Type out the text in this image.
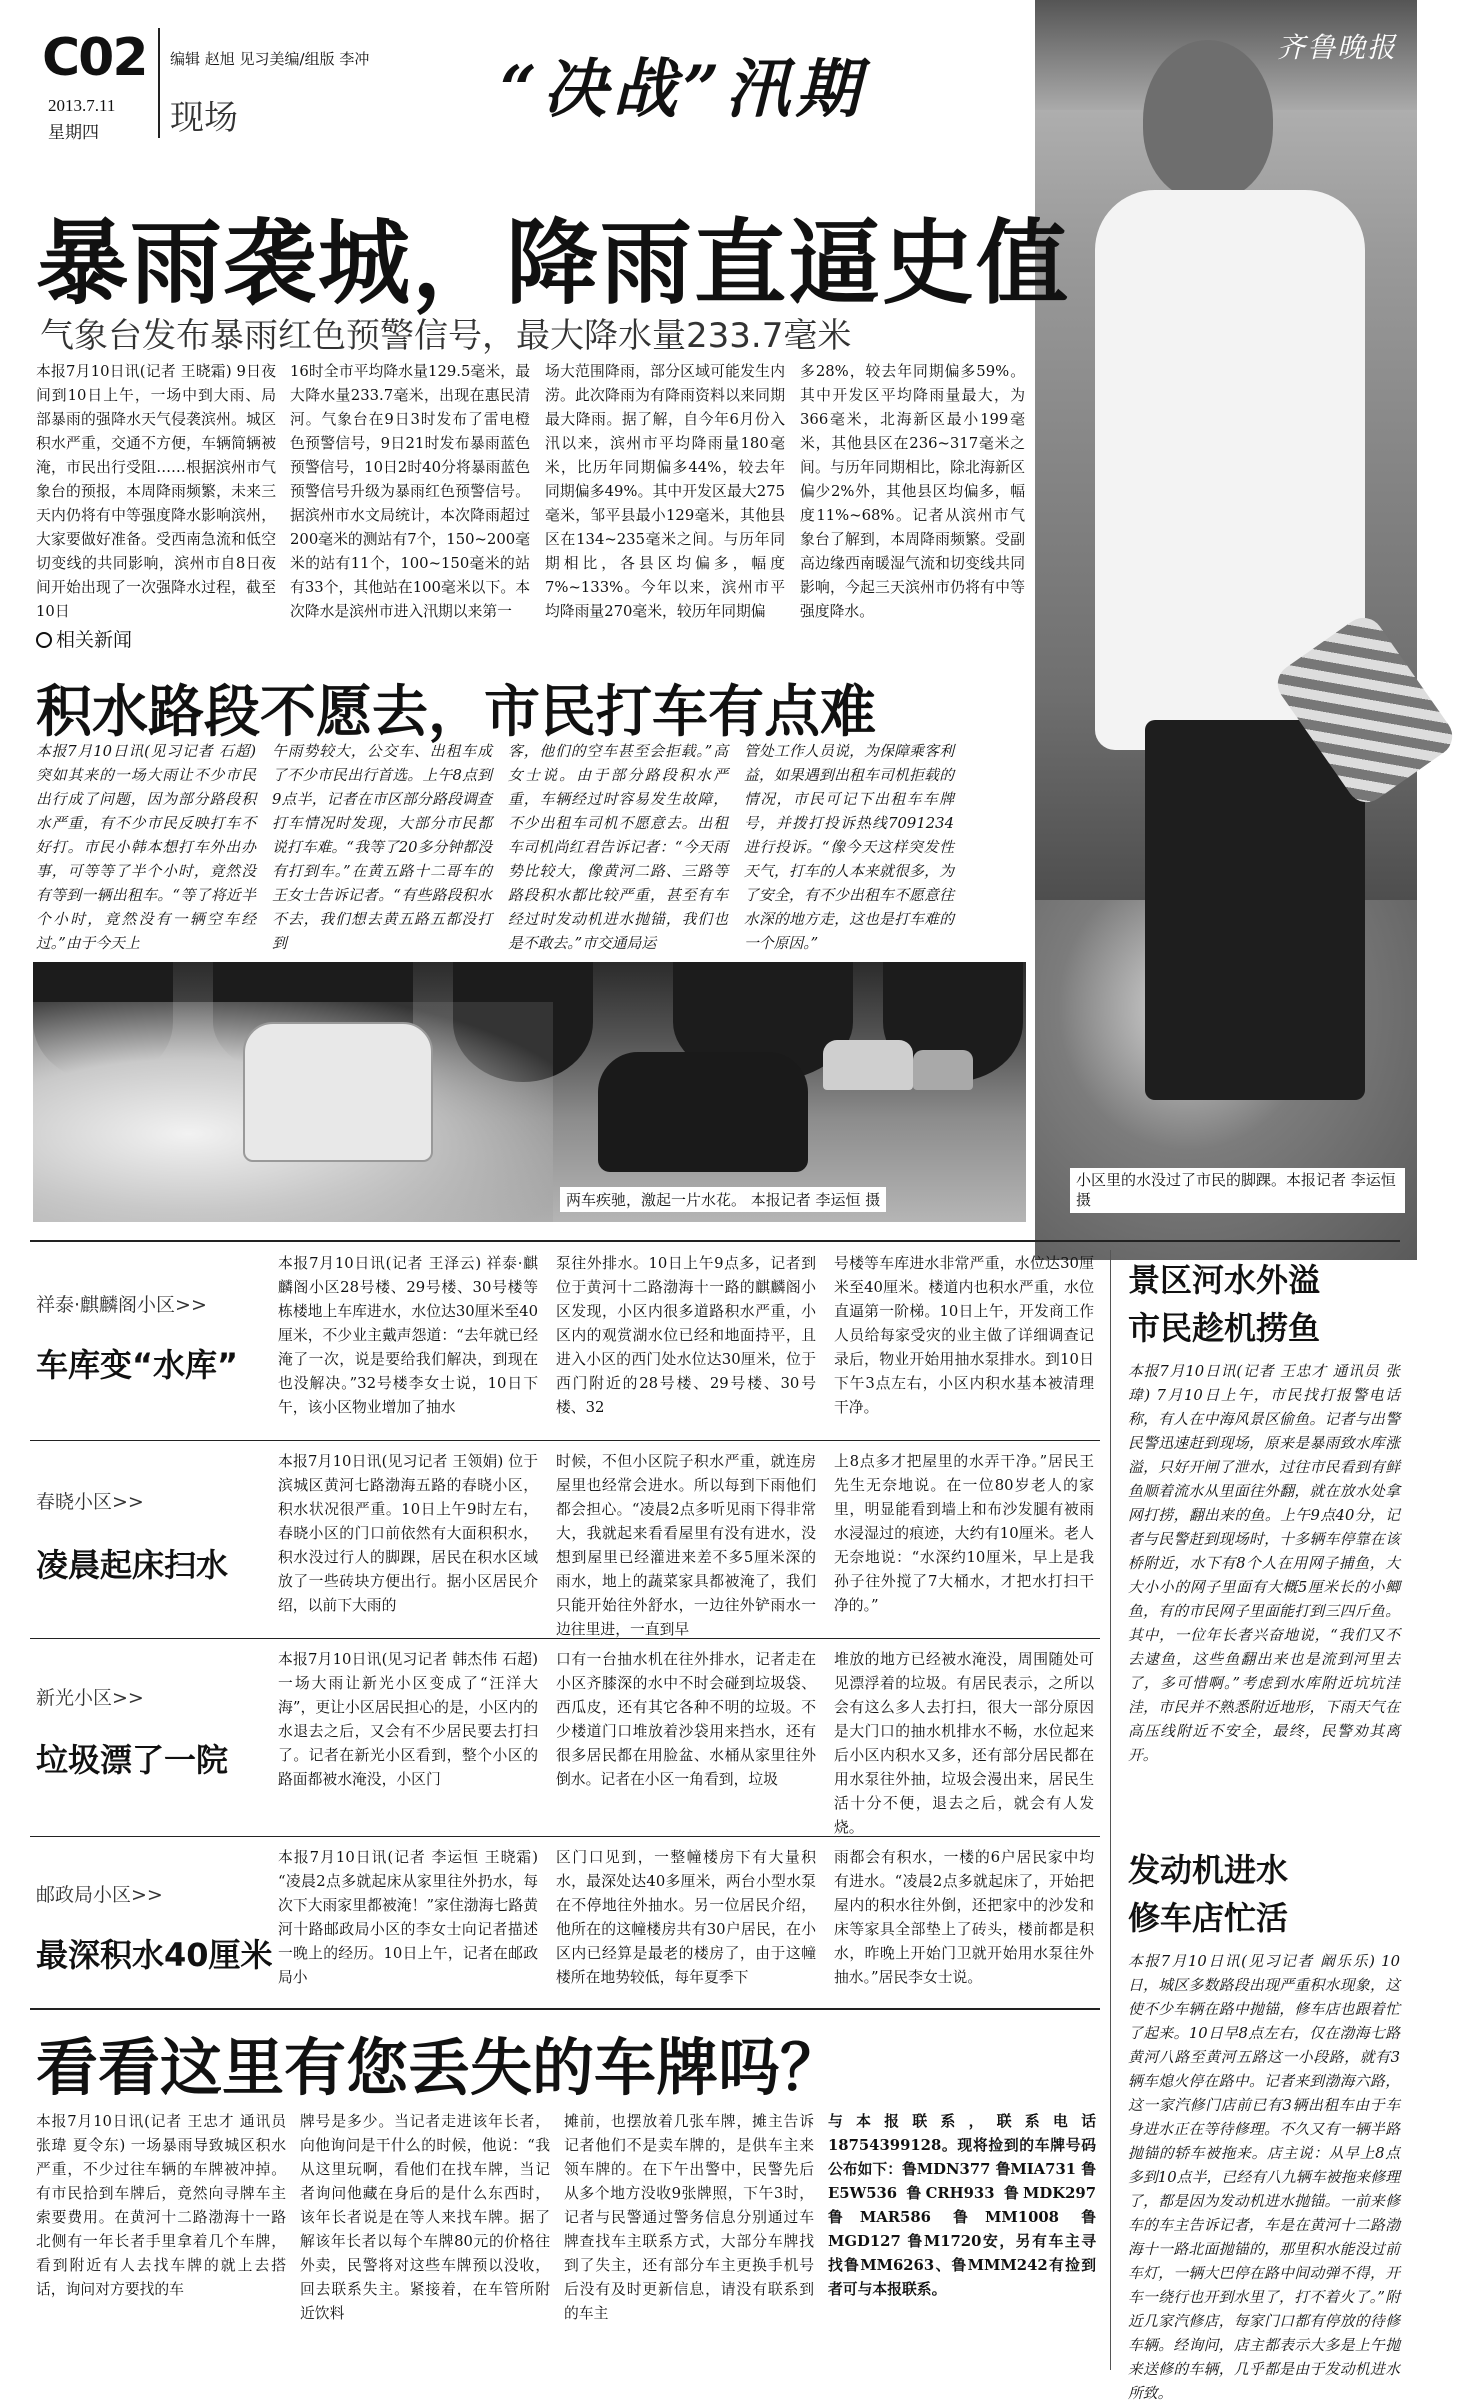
C02
2013.7.11
星期四
编辑 赵旭 见习美编/组版 李冲
现场	“决战”汛期
齐鲁晚报
小区里的水没过了市民的脚踝。本报记者 李运恒 摄
暴雨袭城，降雨直逼史值
气象台发布暴雨红色预警信号，最大降水量233.7毫米
本报7月10日讯(记者 王晓霜) 9日夜间到10日上午，一场中到大雨、局部暴雨的强降水天气侵袭滨州。城区积水严重，交通不方便，车辆简辆被淹，市民出行受阻……根据滨州市气象台的预报，本周降雨频繁，未来三天内仍将有中等强度降水影响滨州，大家要做好准备。受西南急流和低空切变线的共同影响，滨州市自8日夜间开始出现了一次强降水过程，截至10日
16时全市平均降水量129.5毫米，最大降水量233.7毫米，出现在惠民清河。气象台在9日3时发布了雷电橙色预警信号，9日21时发布暴雨蓝色预警信号，10日2时40分将暴雨蓝色预警信号升级为暴雨红色预警信号。据滨州市水文局统计，本次降雨超过200毫米的测站有7个，150~200毫米的站有11个，100~150毫米的站有33个，其他站在100毫米以下。本次降水是滨州市进入汛期以来第一
场大范围降雨，部分区域可能发生内涝。此次降雨为有降雨资料以来同期最大降雨。据了解，自今年6月份入汛以来，滨州市平均降雨量180毫米，比历年同期偏多44%，较去年同期偏多49%。其中开发区最大275毫米，邹平县最小129毫米，其他县区在134~235毫米之间。与历年同期相比，各县区均偏多，幅度7%~133%。今年以来，滨州市平均降雨量270毫米，较历年同期偏
多28%，较去年同期偏多59%。其中开发区平均降雨量最大，为366毫米，北海新区最小199毫米，其他县区在236~317毫米之间。与历年同期相比，除北海新区偏少2%外，其他县区均偏多，幅度11%~68%。记者从滨州市气象台了解到，本周降雨频繁。受副高边缘西南暖湿气流和切变线共同影响，今起三天滨州市仍将有中等强度降水。
相关新闻
积水路段不愿去，市民打车有点难
本报7月10日讯(见习记者 石超) 突如其来的一场大雨让不少市民出行成了问题，因为部分路段积水严重，有不少市民反映打车不好打。市民小韩本想打车外出办事，可等等了半个小时，竟然没有等到一辆出租车。“等了将近半个小时，竟然没有一辆空车经过。”由于今天上
午雨势较大，公交车、出租车成了不少市民出行首选。上午8点到9点半，记者在市区部分路段调查打车情况时发现，大部分市民都说打车难。“我等了20多分钟都没有打到车。”在黄五路十二哥车的王女士告诉记者。“有些路段积水不去，我们想去黄五路五都没打到
客，他们的空车甚至会拒载。”高女士说。由于部分路段积水严重，车辆经过时容易发生故障，不少出租车司机不愿意去。出租车司机尚红君告诉记者：“今天雨势比较大，像黄河二路、三路等路段积水都比较严重，甚至有车经过时发动机进水抛锚，我们也是不敢去。”市交通局运
管处工作人员说，为保障乘客利益，如果遇到出租车司机拒载的情况，市民可记下出租车车牌号，并拨打投诉热线7091234进行投诉。“像今天这样突发性天气，打车的人本来就很多，为了安全，有不少出租车不愿意往水深的地方走，这也是打车难的一个原因。”
两车疾驰，激起一片水花。 本报记者 李运恒 摄
祥泰·麒麟阁小区>>
车库变“水库”
本报7月10日讯(记者 王泽云) 祥泰·麒麟阁小区28号楼、29号楼、30号楼等栋楼地上车库进水，水位达30厘米至40厘米，不少业主戴声怨道：“去年就已经淹了一次，说是要给我们解决，到现在也没解决。”32号楼李女士说，10日下午，该小区物业增加了抽水
泵往外排水。10日上午9点多，记者到位于黄河十二路渤海十一路的麒麟阁小区发现，小区内很多道路积水严重，小区内的观赏湖水位已经和地面持平，且进入小区的西门处水位达30厘米，位于西门附近的28号楼、29号楼、30号楼、32
号楼等车库进水非常严重，水位达30厘米至40厘米。楼道内也积水严重，水位直逼第一阶梯。10日上午，开发商工作人员给每家受灾的业主做了详细调查记录后，物业开始用抽水泵排水。到10日下午3点左右，小区内积水基本被清理干净。
春晓小区>>
凌晨起床扫水
本报7月10日讯(见习记者 王领娟) 位于滨城区黄河七路渤海五路的春晓小区，积水状况很严重。10日上午9时左右，春晓小区的门口前依然有大面积积水，积水没过行人的脚踝，居民在积水区域放了一些砖块方便出行。据小区居民介绍，以前下大雨的
时候，不但小区院子积水严重，就连房屋里也经常会进水。所以每到下雨他们都会担心。“凌晨2点多听见雨下得非常大，我就起来看看屋里有没有进水，没想到屋里已经灌进来差不多5厘米深的雨水，地上的蔬菜家具都被淹了，我们只能开始往外舒水，一边往外铲雨水一边往里进，一直到早
上8点多才把屋里的水弄干净。”居民王先生无奈地说。在一位80岁老人的家里，明显能看到墙上和布沙发腿有被雨水浸湿过的痕迹，大约有10厘米。老人无奈地说：“水深约10厘米，早上是我孙子往外搅了7大桶水，才把水打扫干净的。”
新光小区>>
垃圾漂了一院
本报7月10日讯(见习记者 韩杰伟 石超) 一场大雨让新光小区变成了“汪洋大海”，更让小区居民担心的是，小区内的水退去之后，又会有不少居民要去打扫了。记者在新光小区看到，整个小区的路面都被水淹没，小区门
口有一台抽水机在往外排水，记者走在小区齐膝深的水中不时会碰到垃圾袋、西瓜皮，还有其它各种不明的垃圾。不少楼道门口堆放着沙袋用来挡水，还有很多居民都在用脸盆、水桶从家里往外倒水。记者在小区一角看到，垃圾
堆放的地方已经被水淹没，周围随处可见漂浮着的垃圾。有居民表示，之所以会有这么多人去打扫，很大一部分原因是大门口的抽水机排水不畅，水位起来后小区内积水又多，还有部分居民都在用水泵往外抽，垃圾会漫出来，居民生活十分不便，退去之后，就会有人发烧。
邮政局小区>>
最深积水40厘米
本报7月10日讯(记者 李运恒 王晓霜) “凌晨2点多就起床从家里往外扔水，每次下大雨家里都被淹！”家住渤海七路黄河十路邮政局小区的李女士向记者描述一晚上的经历。10日上午，记者在邮政局小
区门口见到，一整幢楼房下有大量积水，最深处达40多厘米，两台小型水泵在不停地往外抽水。另一位居民介绍，他所在的这幢楼房共有30户居民，在小区内已经算是最老的楼房了，由于这幢楼所在地势较低，每年夏季下
雨都会有积水，一楼的6户居民家中均有进水。“凌晨2点多就起床了，开始把屋内的积水往外倒，还把家中的沙发和床等家具全部垫上了砖头，楼前都是积水，昨晚上开始门卫就开始用水泵往外抽水。”居民李女士说。
景区河水外溢
市民趁机捞鱼
本报7月10日讯(记者 王忠才 通讯员 张瑋) 7月10日上午，市民找打报警电话称，有人在中海风景区偷鱼。记者与出警民警迅速赶到现场，原来是暴雨致水库涨溢，只好开闸了泄水，过往市民看到有鲜鱼顺着流水从里面往外翻，就在放水处拿网打捞，翻出来的鱼。上午9点40分，记者与民警赶到现场时，十多辆车停靠在该桥附近，水下有8个人在用网子捕鱼，大大小小的网子里面有大概5厘米长的小鲫鱼，有的市民网子里面能打到三四斤鱼。其中，一位年长者兴奋地说，“我们又不去逮鱼，这些鱼翻出来也是流到河里去了，多可惜啊。”考虑到水库附近坑坑洼洼，市民并不熟悉附近地形，下雨天气在高压线附近不安全，最终，民警劝其离开。
发动机进水
修车店忙活
本报7月10日讯(见习记者 阚乐乐) 10日，城区多数路段出现严重积水现象，这使不少车辆在路中抛锚，修车店也跟着忙了起来。10日早8点左右，仅在渤海七路黄河八路至黄河五路这一小段路，就有3辆车熄火停在路中。记者来到渤海六路，这一家汽修门店前已有3辆出租车由于车身进水正在等待修理。不久又有一辆半路抛锚的轿车被拖来。店主说：从早上8点多到10点半，已经有八九辆车被拖来修理了，都是因为发动机进水抛锚。一前来修车的车主告诉记者，车是在黄河十二路渤海十一路北面抛锚的，那里积水能没过前车灯，一辆大巴停在路中间动弹不得，开车一绕行也开到水里了，打不着火了。”附近几家汽修店，每家门口都有停放的待修车辆。经询问，店主都表示大多是上午抛来送修的车辆，几乎都是由于发动机进水所致。
看看这里有您丢失的车牌吗？
本报7月10日讯(记者 王忠才 通讯员 张瑋 夏令东) 一场暴雨导致城区积水严重，不少过往车辆的车牌被冲掉。有市民拾到车牌后，竟然向寻牌车主索要费用。在黄河十二路渤海十一路北侧有一年长者手里拿着几个车牌，看到附近有人去找车牌的就上去搭话，询问对方要找的车
牌号是多少。当记者走进该年长者，向他询问是干什么的时候，他说：“我从这里玩啊，看他们在找车牌，当记者询问他藏在身后的是什么东西时，该年长者说是在等人来找车牌。据了解该年长者以每个车牌80元的价格往外卖，民警将对这些车牌预以没收，回去联系失主。紧接着，在车管所附近饮料
摊前，也摆放着几张车牌，摊主告诉记者他们不是卖车牌的，是供车主来领车牌的。在下午出警中，民警先后从多个地方没收9张牌照，下午3时，记者与民警通过警务信息分别通过车牌查找车主联系方式，大部分车牌找到了失主，还有部分车主更换手机号后没有及时更新信息，请没有联系到的车主
与本报联系，联系电话18754399128。现将捡到的车牌号码公布如下：鲁MDN377 鲁MIA731 鲁E5W536 鲁CRH933 鲁MDK297 鲁MAR586 鲁MM1008 鲁MGD127 鲁M1720安，另有车主寻找鲁MM6263、鲁MMM242有捡到者可与本报联系。
